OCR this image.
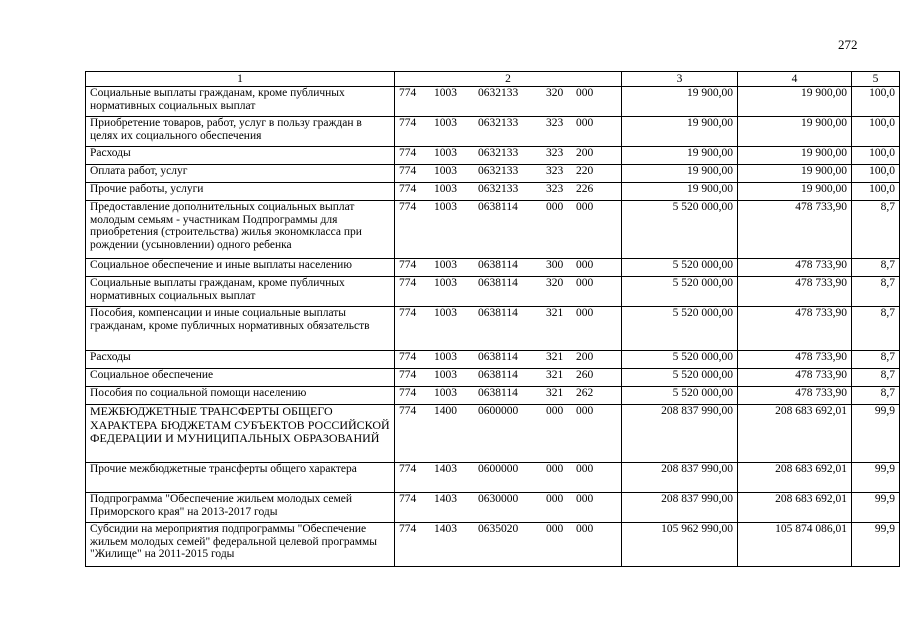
272
1	2	3	4	5
Социальные выплаты гражданам, кроме публичных нормативных социальных выплат	774 1003 0632133 320 000	19 900,00	19 900,00	100,0
Приобретение товаров, работ, услуг в пользу граждан в целях их социального обеспечения	774 1003 0632133 323 000	19 900,00	19 900,00	100,0
Расходы	774 1003 0632133 323 200	19 900,00	19 900,00	100,0
Оплата работ, услуг	774 1003 0632133 323 220	19 900,00	19 900,00	100,0
Прочие работы, услуги	774 1003 0632133 323 226	19 900,00	19 900,00	100,0
Предоставление дополнительных социальных выплат молодым семьям - участникам Подпрограммы для приобретения (строительства) жилья экономкласса при рождении (усыновлении) одного ребенка	774 1003 0638114 000 000	5 520 000,00	478 733,90	8,7
Социальное обеспечение и иные выплаты населению	774 1003 0638114 300 000	5 520 000,00	478 733,90	8,7
Социальные выплаты гражданам, кроме публичных нормативных социальных выплат	774 1003 0638114 320 000	5 520 000,00	478 733,90	8,7
Пособия, компенсации и иные социальные выплаты гражданам, кроме публичных нормативных обязательств	774 1003 0638114 321 000	5 520 000,00	478 733,90	8,7
Расходы	774 1003 0638114 321 200	5 520 000,00	478 733,90	8,7
Социальное обеспечение	774 1003 0638114 321 260	5 520 000,00	478 733,90	8,7
Пособия по социальной помощи населению	774 1003 0638114 321 262	5 520 000,00	478 733,90	8,7
МЕЖБЮДЖЕТНЫЕ ТРАНСФЕРТЫ ОБЩЕГО ХАРАКТЕРА БЮДЖЕТАМ СУБЪЕКТОВ РОССИЙСКОЙ ФЕДЕРАЦИИ И МУНИЦИПАЛЬНЫХ ОБРАЗОВАНИЙ	774 1400 0600000 000 000	208 837 990,00	208 683 692,01	99,9
Прочие межбюджетные трансферты общего характера	774 1403 0600000 000 000	208 837 990,00	208 683 692,01	99,9
Подпрограмма "Обеспечение жильем молодых семей Приморского края" на 2013-2017 годы	774 1403 0630000 000 000	208 837 990,00	208 683 692,01	99,9
Субсидии на мероприятия подпрограммы "Обеспечение жильем молодых семей" федеральной целевой программы "Жилище" на 2011-2015 годы	774 1403 0635020 000 000	105 962 990,00	105 874 086,01	99,9
